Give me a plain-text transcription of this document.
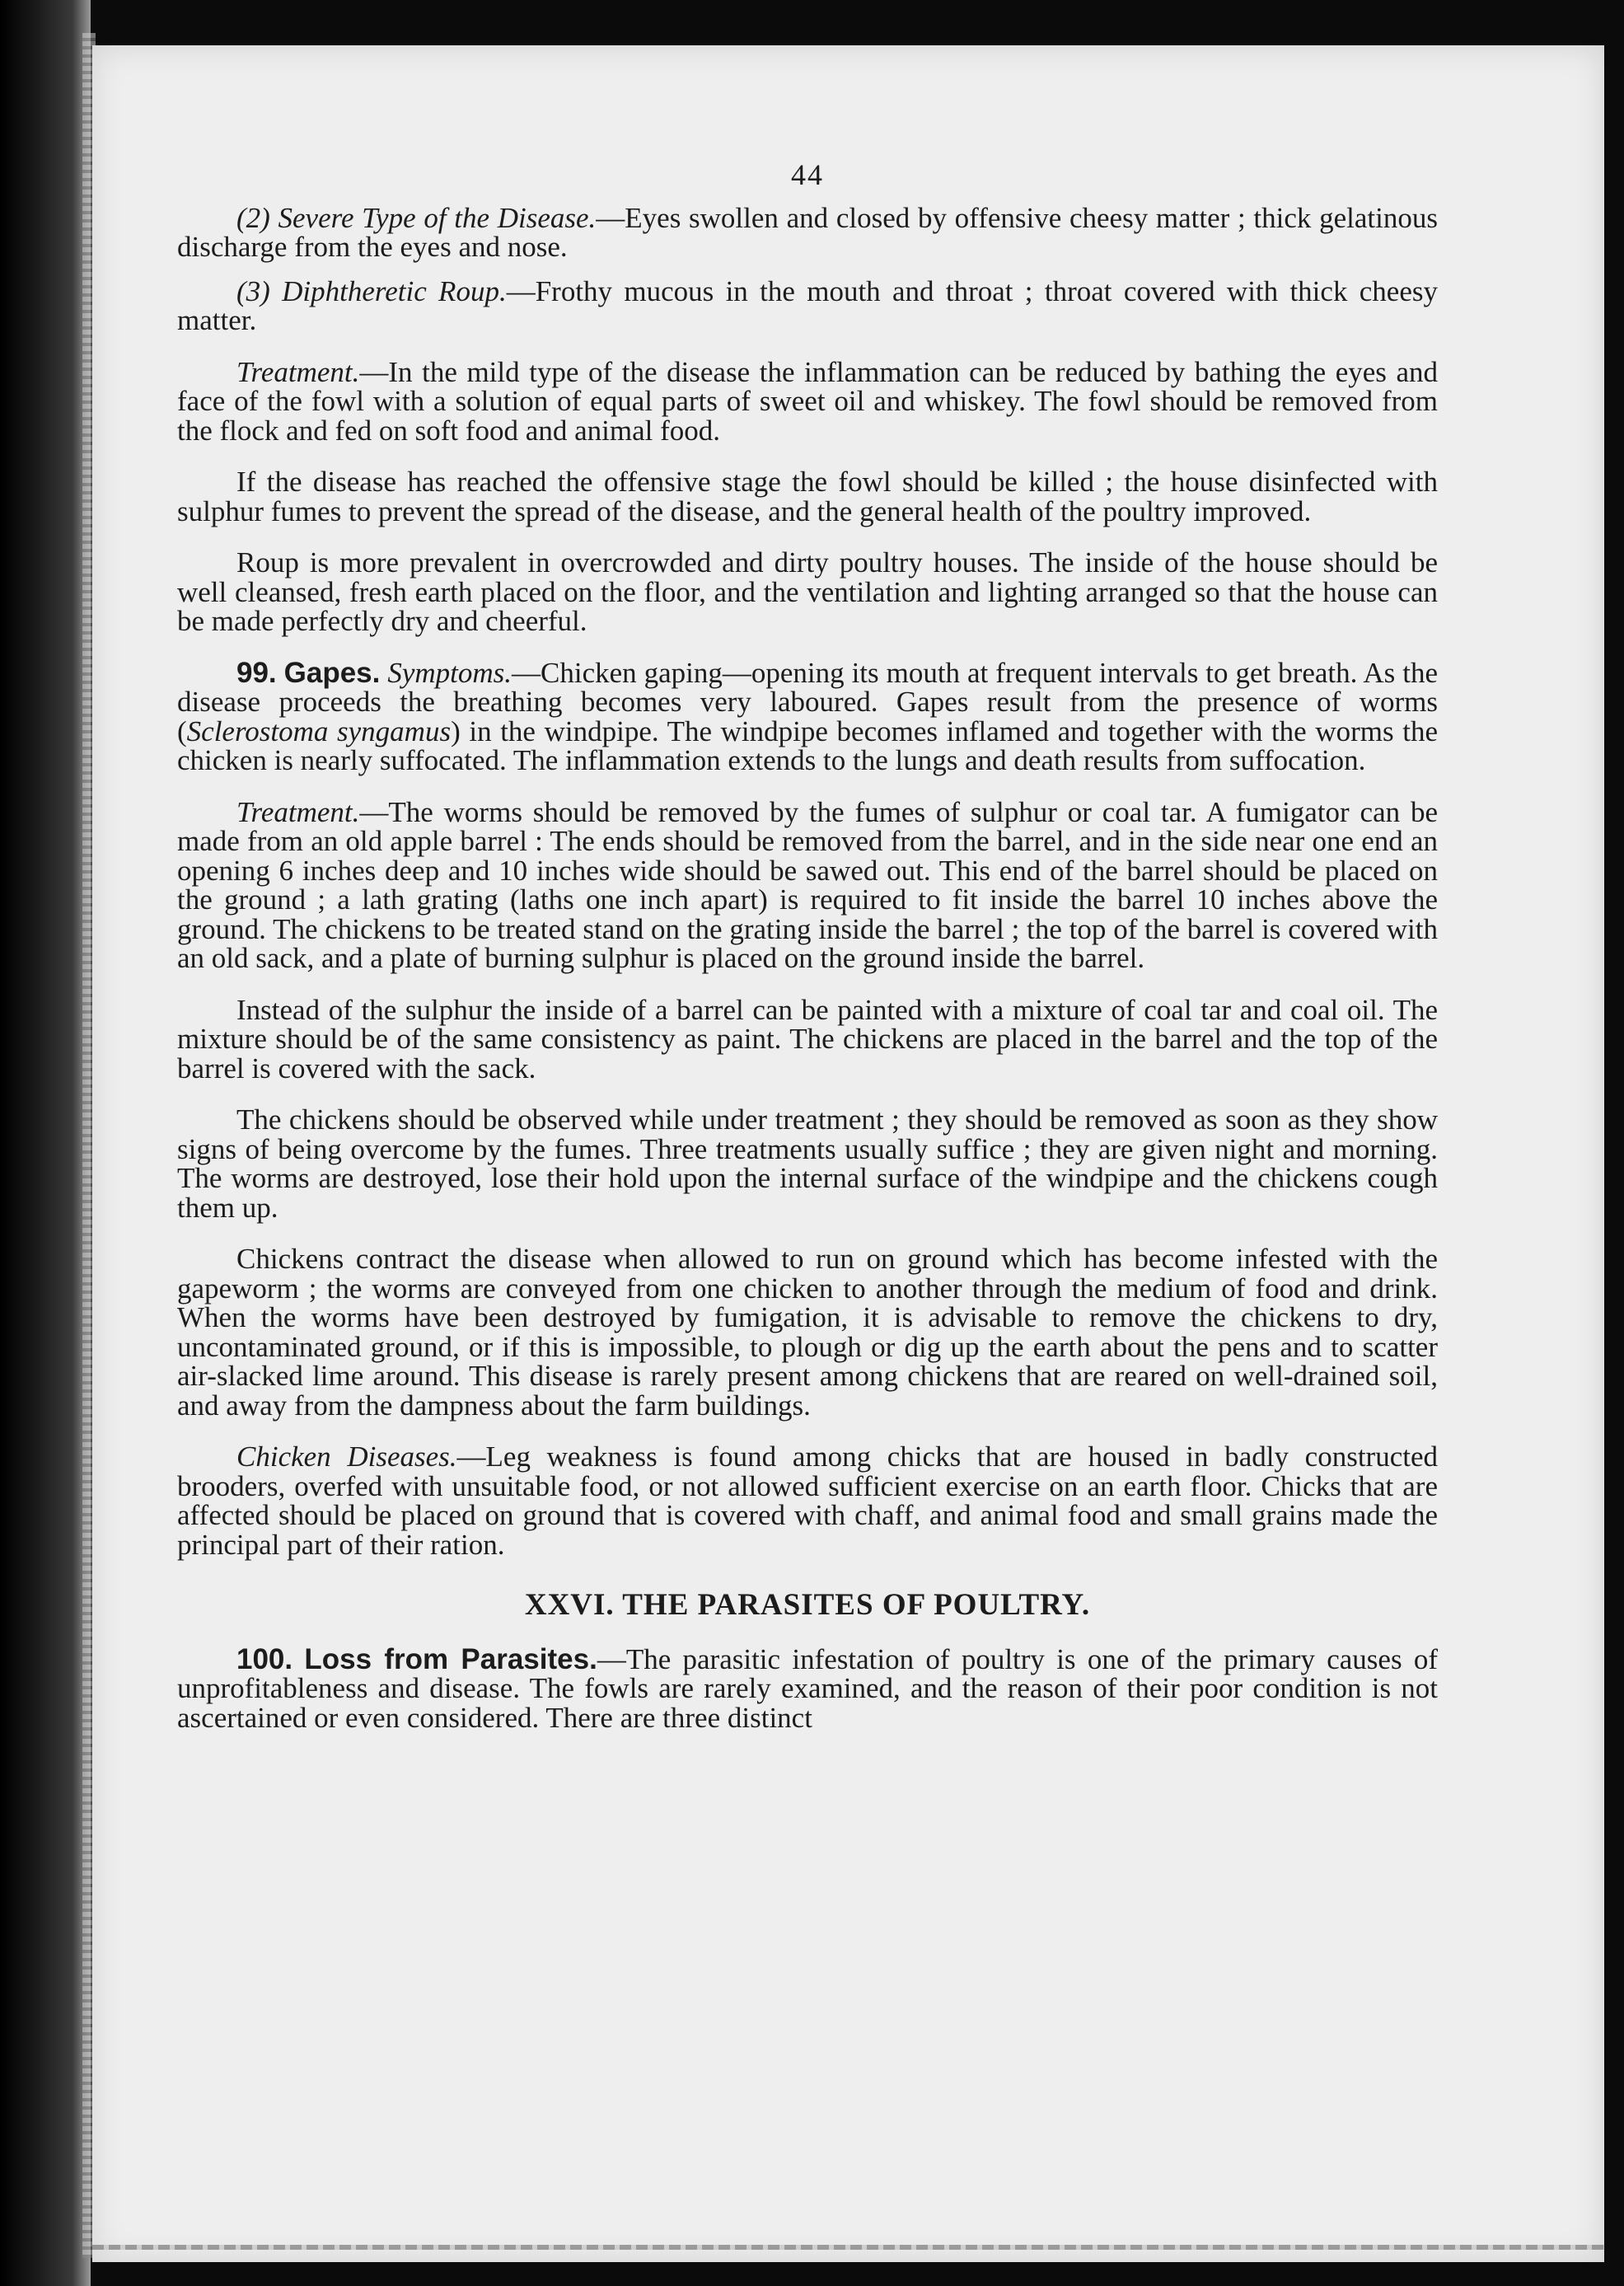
44

(2) Severe Type of the Disease.—Eyes swollen and closed by offensive cheesy matter ; thick gelatinous discharge from the eyes and nose.

(3) Diphtheretic Roup.—Frothy mucous in the mouth and throat ; throat covered with thick cheesy matter.

Treatment.—In the mild type of the disease the inflammation can be reduced by bathing the eyes and face of the fowl with a solution of equal parts of sweet oil and whiskey. The fowl should be removed from the flock and fed on soft food and animal food.

If the disease has reached the offensive stage the fowl should be killed ; the house disinfected with sulphur fumes to prevent the spread of the disease, and the general health of the poultry improved.

Roup is more prevalent in overcrowded and dirty poultry houses. The inside of the house should be well cleansed, fresh earth placed on the floor, and the ventilation and lighting arranged so that the house can be made perfectly dry and cheerful.

99. Gapes. Symptoms.—Chicken gaping—opening its mouth at frequent intervals to get breath. As the disease proceeds the breathing becomes very laboured. Gapes result from the presence of worms (Sclerostoma syngamus) in the windpipe. The windpipe becomes inflamed and together with the worms the chicken is nearly suffocated. The inflammation extends to the lungs and death results from suffocation.

Treatment.—The worms should be removed by the fumes of sulphur or coal tar. A fumigator can be made from an old apple barrel : The ends should be removed from the barrel, and in the side near one end an opening 6 inches deep and 10 inches wide should be sawed out. This end of the barrel should be placed on the ground ; a lath grating (laths one inch apart) is required to fit inside the barrel 10 inches above the ground. The chickens to be treated stand on the grating inside the barrel ; the top of the barrel is covered with an old sack, and a plate of burning sulphur is placed on the ground inside the barrel.

Instead of the sulphur the inside of a barrel can be painted with a mixture of coal tar and coal oil. The mixture should be of the same consistency as paint. The chickens are placed in the barrel and the top of the barrel is covered with the sack.

The chickens should be observed while under treatment ; they should be removed as soon as they show signs of being overcome by the fumes. Three treatments usually suffice ; they are given night and morning. The worms are destroyed, lose their hold upon the internal surface of the windpipe and the chickens cough them up.

Chickens contract the disease when allowed to run on ground which has become infested with the gapeworm ; the worms are conveyed from one chicken to another through the medium of food and drink. When the worms have been destroyed by fumigation, it is advisable to remove the chickens to dry, uncontaminated ground, or if this is impossible, to plough or dig up the earth about the pens and to scatter air-slacked lime around. This disease is rarely present among chickens that are reared on well-drained soil, and away from the dampness about the farm buildings.

Chicken Diseases.—Leg weakness is found among chicks that are housed in badly constructed brooders, overfed with unsuitable food, or not allowed sufficient exercise on an earth floor. Chicks that are affected should be placed on ground that is covered with chaff, and animal food and small grains made the principal part of their ration.

XXVI. THE PARASITES OF POULTRY.

100. Loss from Parasites.—The parasitic infestation of poultry is one of the primary causes of unprofitableness and disease. The fowls are rarely examined, and the reason of their poor condition is not ascertained or even considered. There are three distinct
